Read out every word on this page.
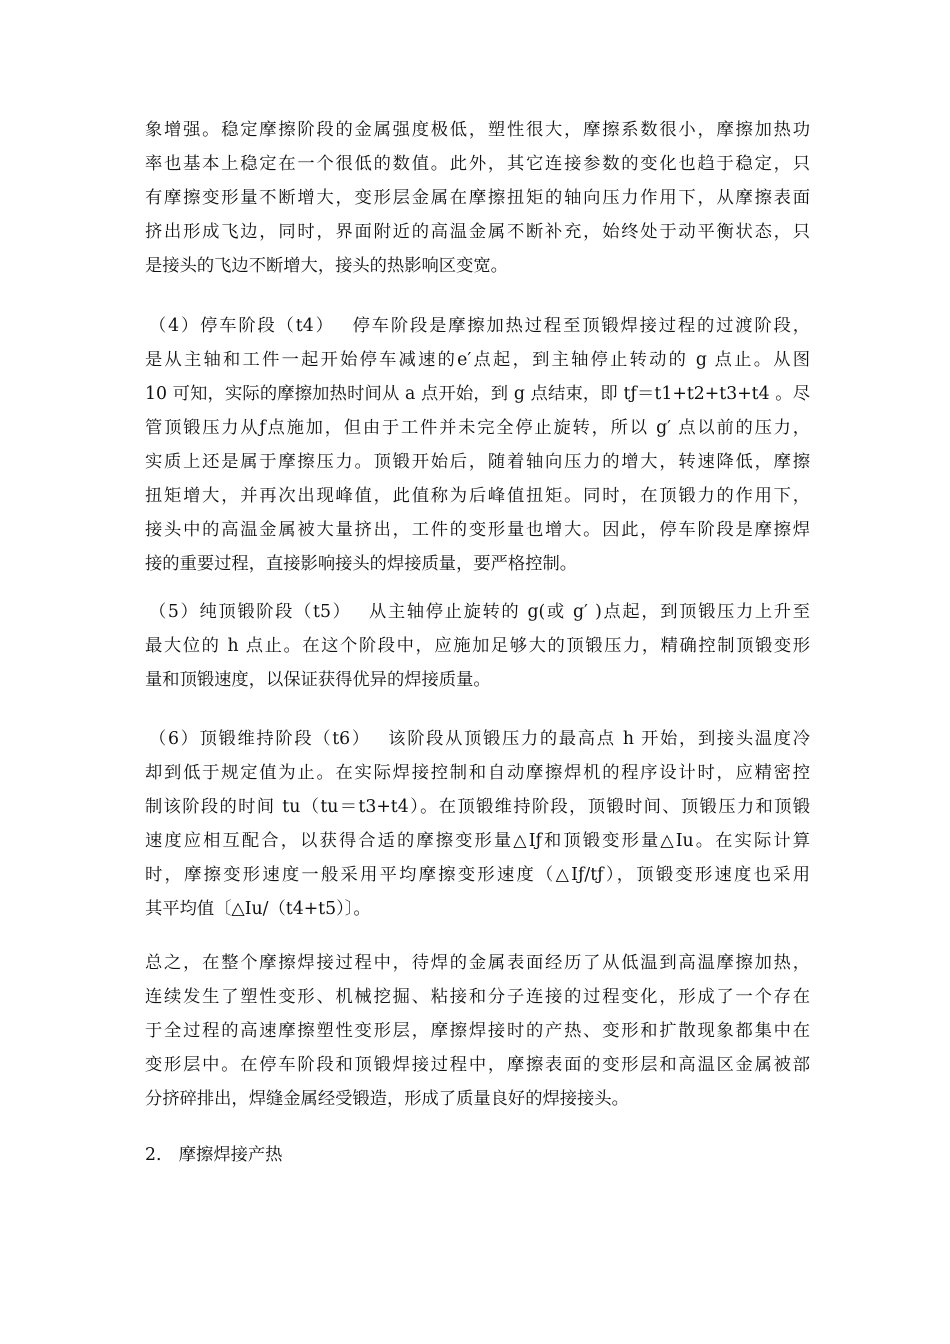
象增强。稳定摩擦阶段的金属强度极低，塑性很大，摩擦系数很小，摩擦加热功
率也基本上稳定在一个很低的数值。此外，其它连接参数的变化也趋于稳定，只
有摩擦变形量不断增大，变形层金属在摩擦扭矩的轴向压力作用下，从摩擦表面
挤出形成飞边，同时，界面附近的高温金属不断补充，始终处于动平衡状态，只
是接头的飞边不断增大，接头的热影响区变宽。
（4）停车阶段（t4）　 停车阶段是摩擦加热过程至顶锻焊接过程的过渡阶段，
是从主轴和工件一起开始停车减速的e′点起，到主轴停止转动的 g 点止。从图
10 可知，实际的摩擦加热时间从 a 点开始，到 g 点结束，即 tƒ＝t1+t2+t3+t4 。尽
管顶锻压力从ƒ点施加，但由于工件并未完全停止旋转，所以 g′ 点以前的压力，
实质上还是属于摩擦压力。顶锻开始后，随着轴向压力的增大，转速降低，摩擦
扭矩增大，并再次出现峰值，此值称为后峰值扭矩。同时，在顶锻力的作用下，
接头中的高温金属被大量挤出，工件的变形量也增大。因此，停车阶段是摩擦焊
接的重要过程，直接影响接头的焊接质量，要严格控制。
（5）纯顶锻阶段（t5）　 从主轴停止旋转的 g(或 g′ )点起，到顶锻压力上升至
最大位的 h 点止。在这个阶段中，应施加足够大的顶锻压力，精确控制顶锻变形
量和顶锻速度，以保证获得优异的焊接质量。
（6）顶锻维持阶段（t6）　 该阶段从顶锻压力的最高点 h 开始，到接头温度冷
却到低于规定值为止。在实际焊接控制和自动摩擦焊机的程序设计时，应精密控
制该阶段的时间 tu（tu＝t3+t4）。在顶锻维持阶段，顶锻时间、顶锻压力和顶锻
速度应相互配合，以获得合适的摩擦变形量△Iƒ和顶锻变形量△Iu。在实际计算
时，摩擦变形速度一般采用平均摩擦变形速度（△Iƒ/tƒ），顶锻变形速度也采用
其平均值〔△Iu/（t4+t5）〕。
总之，在整个摩擦焊接过程中，待焊的金属表面经历了从低温到高温摩擦加热，
连续发生了塑性变形、机械挖掘、粘接和分子连接的过程变化，形成了一个存在
于全过程的高速摩擦塑性变形层，摩擦焊接时的产热、变形和扩散现象都集中在
变形层中。在停车阶段和顶锻焊接过程中，摩擦表面的变形层和高温区金属被部
分挤碎排出，焊缝金属经受锻造，形成了质量良好的焊接接头。
2.　摩擦焊接产热
